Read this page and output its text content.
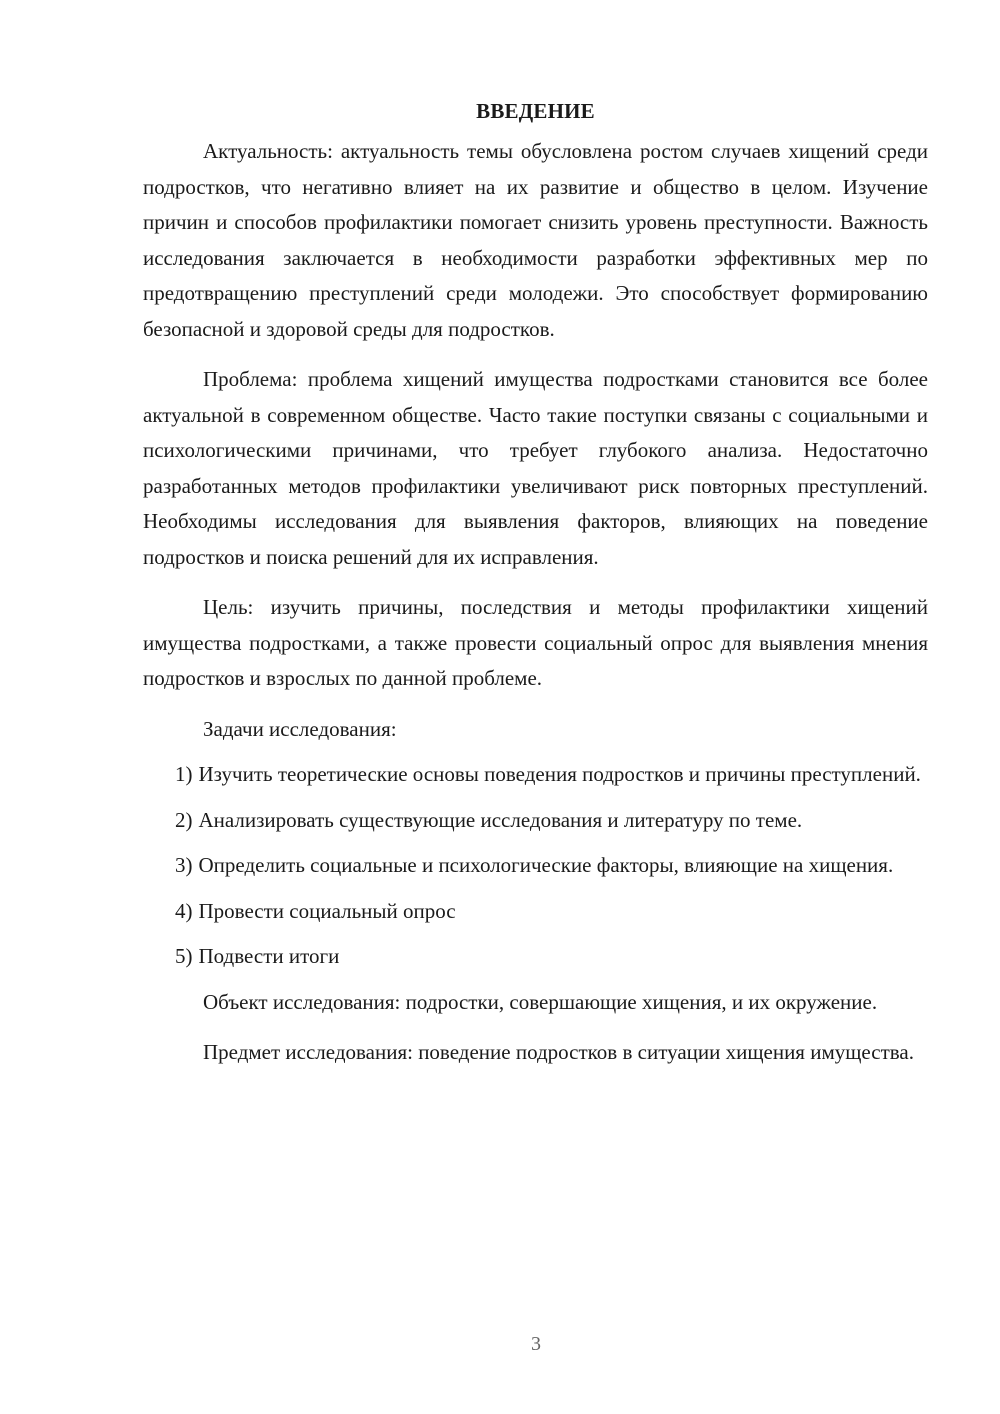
ВВЕДЕНИЕ

Актуальность: актуальность темы обусловлена ростом случаев хищений среди подростков, что негативно влияет на их развитие и общество в целом. Изучение причин и способов профилактики помогает снизить уровень преступности. Важность исследования заключается в необходимости разработки эффективных мер по предотвращению преступлений среди молодежи. Это способствует формированию безопасной и здоровой среды для подростков.

Проблема: проблема хищений имущества подростками становится все более актуальной в современном обществе. Часто такие поступки связаны с социальными и психологическими причинами, что требует глубокого анализа. Недостаточно разработанных методов профилактики увеличивают риск повторных преступлений. Необходимы исследования для выявления факторов, влияющих на поведение подростков и поиска решений для их исправления.

Цель: изучить причины, последствия и методы профилактики хищений имущества подростками, а также провести социальный опрос для выявления мнения подростков и взрослых по данной проблеме.

Задачи исследования:

1) Изучить теоретические основы поведения подростков и причины преступлений.

2) Анализировать существующие исследования и литературу по теме.

3) Определить социальные и психологические факторы, влияющие на хищения.

4) Провести социальный опрос

5) Подвести итоги

Объект исследования: подростки, совершающие хищения, и их окружение.

Предмет исследования: поведение подростков в ситуации хищения имущества.

3
